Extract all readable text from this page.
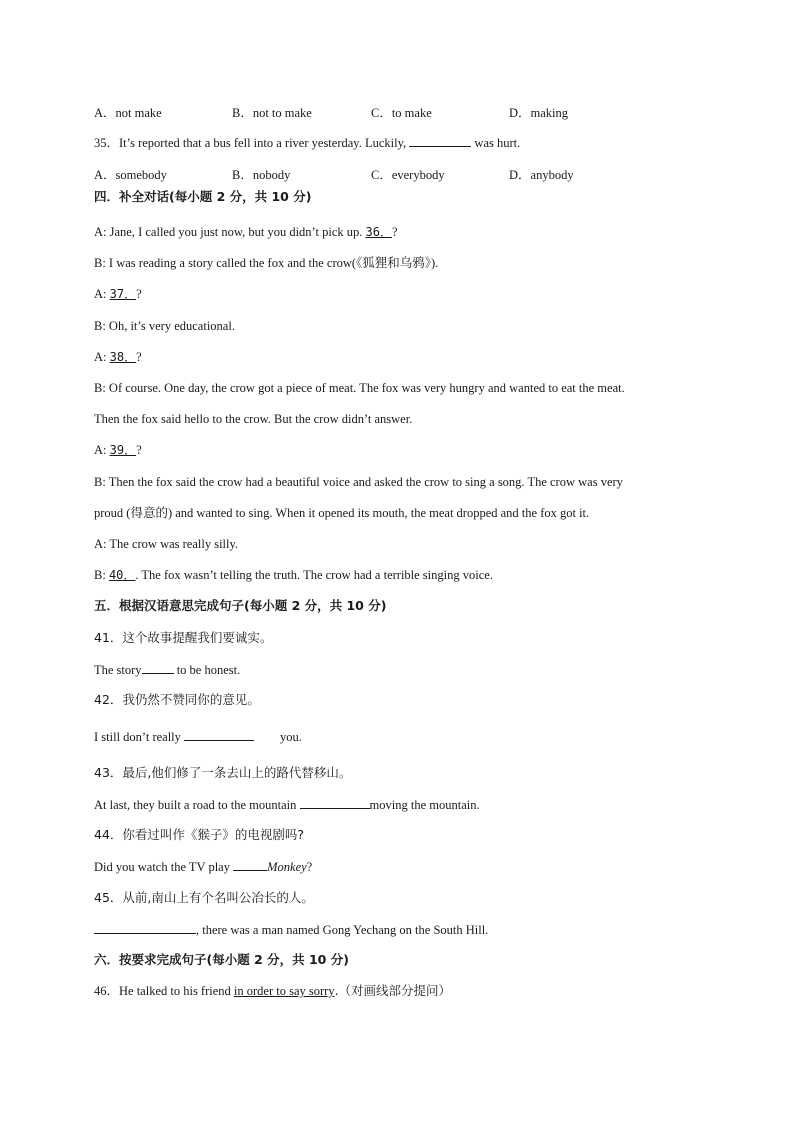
A．not make	B．not to make	C．to make	D．making
35．It’s reported that a bus fell into a river yesterday. Luckily,	was hurt.
A．somebody	B．nobody	C．everybody	D．anybody
四．补全对话(每小题 2 分，共 10 分)
A: Jane, I called you just now, but you didn’t pick up. 36．?
B: I was reading a story called the fox and the crow(《狐狸和乌鸦》).
A: 37．?
B: Oh, it’s very educational.
A: 38．?
B: Of course. One day, the crow got a piece of meat. The fox was very hungry and wanted to eat the meat.
Then the fox said hello to the crow. But the crow didn’t answer.
A: 39．?
B: Then the fox said the crow had a beautiful voice and asked the crow to sing a song. The crow was very
proud (得意的) and wanted to sing. When it opened its mouth, the meat dropped and the fox got it.
A: The crow was really silly.
B: 40．. The fox wasn’t telling the truth. The crow had a terrible singing voice.
五．根据汉语意思完成句子(每小题 2 分，共 10 分)
41．这个故事提醒我们要诚实。
The story	to be honest.
42．我仍然不赞同你的意见。
I still don’t really	you.
43．最后,他们修了一条去山上的路代替移山。
At last, they built a road to the mountain	moving the mountain.
44．你看过叫作《猴子》的电视剧吗?
Did you watch the TV play	Monkey?
45．从前,南山上有个名叫公冶长的人。
, there was a man named Gong Yechang on the South Hill.
六．按要求完成句子(每小题 2 分，共 10 分)
46．He talked to his friend in order to say sorry.（对画线部分提问）
